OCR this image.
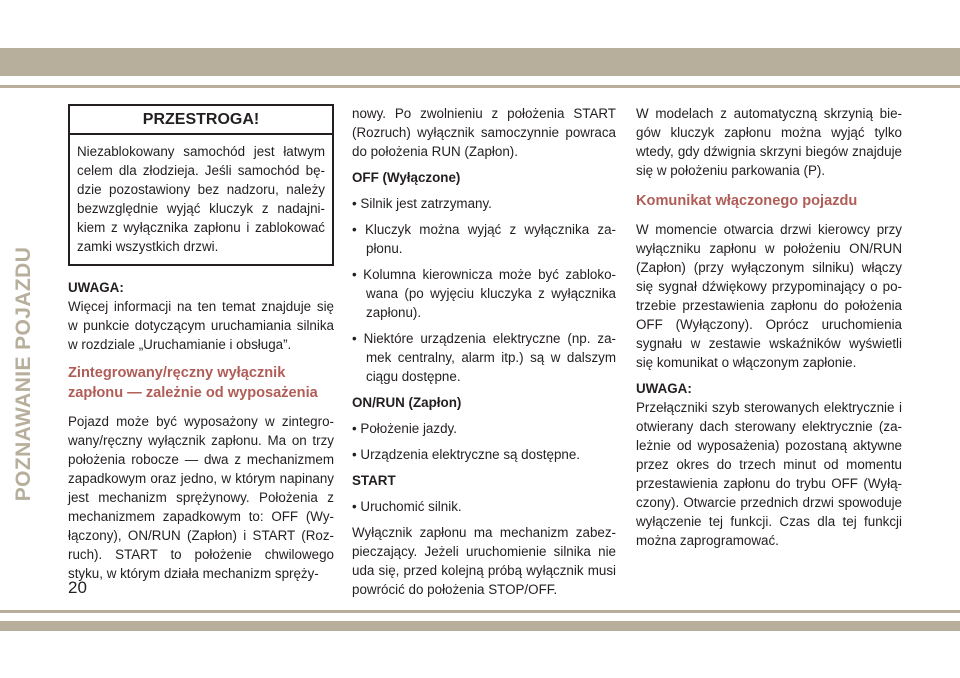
POZNAWANIE POJAZDU
PRZESTROGA!
Niezablokowany samochód jest łatwym celem dla złodzieja. Jeśli samochód będzie pozostawiony bez nadzoru, należy bezwzględnie wyjąć kluczyk z nadajnikiem z wyłącznika zapłonu i zablokować zamki wszystkich drzwi.

UWAGA:

Więcej informacji na ten temat znajduje się w punkcie dotyczącym uruchamiania silnika w rozdziale „Uruchamianie i obsługa”.

Zintegrowany/ręczny wyłącznik
zapłonu — zależnie od wyposażenia

Pojazd może być wyposażony w zintegrowany/ręczny wyłącznik zapłonu. Ma on trzy położenia robocze — dwa z mechanizmem zapadkowym oraz jedno, w którym napinany jest mechanizm sprężynowy. Położenia z mechanizmem zapadkowym to: OFF (Wyłączony), ON/RUN (Zapłon) i START (Rozruch). START to położenie chwilowego styku, w którym działa mechanizm spręży-

nowy. Po zwolnieniu z położenia START (Rozruch) wyłącznik samoczynnie powraca do położenia RUN (Zapłon).

OFF (Wyłączone)

• Silnik jest zatrzymany.
• Kluczyk można wyjąć z wyłącznika zapłonu.
• Kolumna kierownicza może być zablokowana (po wyjęciu kluczyka z wyłącznika zapłonu).
• Niektóre urządzenia elektryczne (np. zamek centralny, alarm itp.) są w dalszym ciągu dostępne.

ON/RUN (Zapłon)

• Położenie jazdy.
• Urządzenia elektryczne są dostępne.

START

• Uruchomić silnik.

Wyłącznik zapłonu ma mechanizm zabezpieczający. Jeżeli uruchomienie silnika nie uda się, przed kolejną próbą wyłącznik musi powrócić do położenia STOP/OFF.

W modelach z automatyczną skrzynią biegów kluczyk zapłonu można wyjąć tylko wtedy, gdy dźwignia skrzyni biegów znajduje się w położeniu parkowania (P).

Komunikat włączonego pojazdu

W momencie otwarcia drzwi kierowcy przy wyłączniku zapłonu w położeniu ON/RUN (Zapłon) (przy wyłączonym silniku) włączy się sygnał dźwiękowy przypominający o potrzebie przestawienia zapłonu do położenia OFF (Wyłączony). Oprócz uruchomienia sygnału w zestawie wskaźników wyświetli się komunikat o włączonym zapłonie.

UWAGA:

Przełączniki szyb sterowanych elektrycznie i otwierany dach sterowany elektrycznie (zależnie od wyposażenia) pozostaną aktywne przez okres do trzech minut od momentu przestawienia zapłonu do trybu OFF (Wyłączony). Otwarcie przednich drzwi spowoduje wyłączenie tej funkcji. Czas dla tej funkcji można zaprogramować.

20
